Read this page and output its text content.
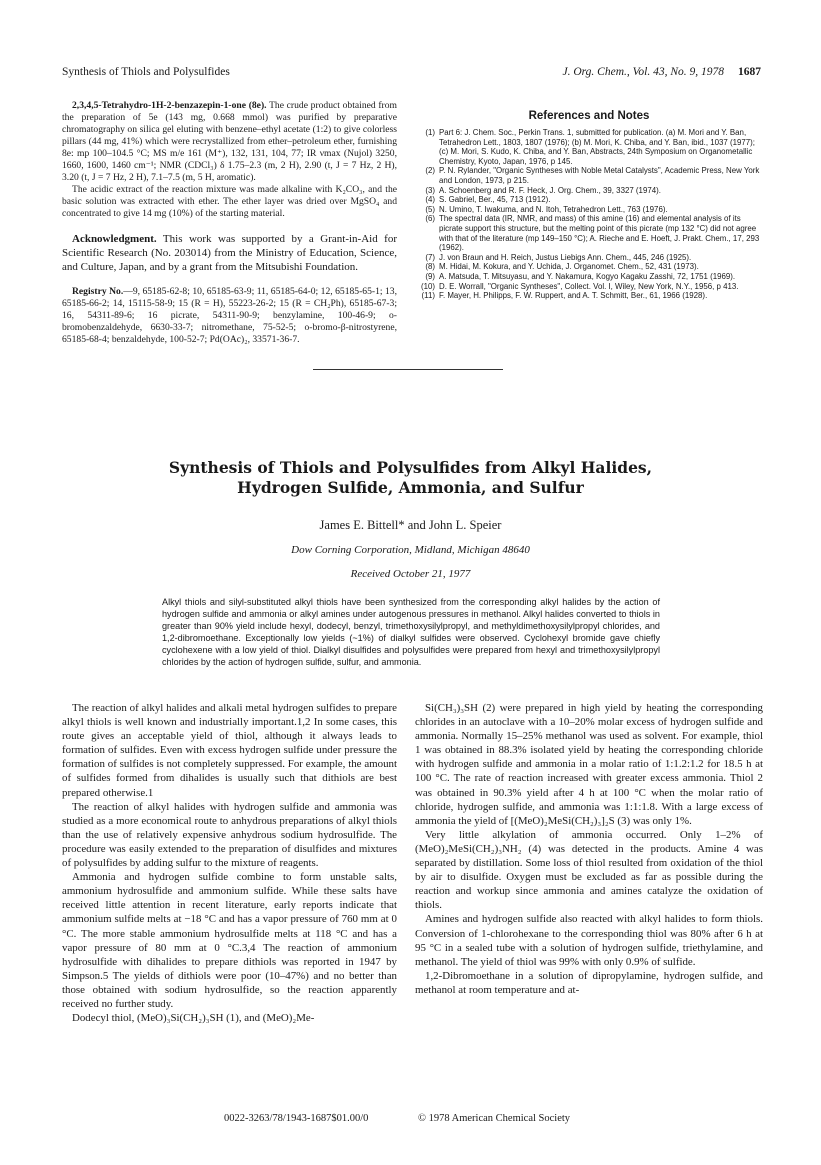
Synthesis of Thiols and Polysulfides	J. Org. Chem., Vol. 43, No. 9, 1978 1687

2,3,4,5-Tetrahydro-1H-2-benzazepin-1-one (8e). The crude product obtained from the preparation of 5e (143 mg, 0.668 mmol) was purified by preparative chromatography on silica gel eluting with benzene–ethyl acetate (1:2) to give colorless pillars (44 mg, 41%) which were recrystallized from ether–petroleum ether, furnishing 8e: mp 100–104.5 °C; MS m/e 161 (M⁺), 132, 131, 104, 77; IR νmax (Nujol) 3250, 1660, 1600, 1460 cm⁻¹; NMR (CDCl₃) δ 1.75–2.3 (m, 2 H), 2.90 (t, J = 7 Hz, 2 H), 3.20 (t, J = 7 Hz, 2 H), 7.1–7.5 (m, 5 H, aromatic).

The acidic extract of the reaction mixture was made alkaline with K₂CO₃, and the basic solution was extracted with ether. The ether layer was dried over MgSO₄ and concentrated to give 14 mg (10%) of the starting material.

Acknowledgment. This work was supported by a Grant-in-Aid for Scientific Research (No. 203014) from the Ministry of Education, Science, and Culture, Japan, and by a grant from the Mitsubishi Foundation.

Registry No.—9, 65185-62-8; 10, 65185-63-9; 11, 65185-64-0; 12, 65185-65-1; 13, 65185-66-2; 14, 15115-58-9; 15 (R = H), 55223-26-2; 15 (R = CH₂Ph), 65185-67-3; 16, 54311-89-6; 16 picrate, 54311-90-9; benzylamine, 100-46-9; o-bromobenzaldehyde, 6630-33-7; nitromethane, 75-52-5; o-bromo-β-nitrostyrene, 65185-68-4; benzaldehyde, 100-52-7; Pd(OAc)₂, 33571-36-7.

References and Notes
(1) Part 6: J. Chem. Soc., Perkin Trans. 1, submitted for publication. (a) M. Mori and Y. Ban, Tetrahedron Lett., 1803, 1807 (1976); (b) M. Mori, K. Chiba, and Y. Ban, ibid., 1037 (1977); (c) M. Mori, S. Kudo, K. Chiba, and Y. Ban, Abstracts, 24th Symposium on Organometallic Chemistry, Kyoto, Japan, 1976, p 145.
(2) P. N. Rylander, "Organic Syntheses with Noble Metal Catalysts", Academic Press, New York and London, 1973, p 215.
(3) A. Schoenberg and R. F. Heck, J. Org. Chem., 39, 3327 (1974).
(4) S. Gabriel, Ber., 45, 713 (1912).
(5) N. Umino, T. Iwakuma, and N. Itoh, Tetrahedron Lett., 763 (1976).
(6) The spectral data (IR, NMR, and mass) of this amine (16) and elemental analysis of its picrate support this structure, but the melting point of this picrate (mp 132 °C) did not agree with that of the literature (mp 149–150 °C); A. Rieche and E. Hoeft, J. Prakt. Chem., 17, 293 (1962).
(7) J. von Braun and H. Reich, Justus Liebigs Ann. Chem., 445, 246 (1925).
(8) M. Hidai, M. Kokura, and Y. Uchida, J. Organomet. Chem., 52, 431 (1973).
(9) A. Matsuda, T. Mitsuyasu, and Y. Nakamura, Kogyo Kagaku Zasshi, 72, 1751 (1969).
(10) D. E. Worrall, "Organic Syntheses", Collect. Vol. I, Wiley, New York, N.Y., 1956, p 413.
(11) F. Mayer, H. Philipps, F. W. Ruppert, and A. T. Schmitt, Ber., 61, 1966 (1928).
Synthesis of Thiols and Polysulfides from Alkyl Halides,
Hydrogen Sulfide, Ammonia, and Sulfur
James E. Bittell* and John L. Speier
Dow Corning Corporation, Midland, Michigan 48640
Received October 21, 1977
Alkyl thiols and silyl-substituted alkyl thiols have been synthesized from the corresponding alkyl halides by the action of hydrogen sulfide and ammonia or alkyl amines under autogenous pressures in methanol. Alkyl halides converted to thiols in greater than 90% yield include hexyl, dodecyl, benzyl, trimethoxysilylpropyl, and methyldimethoxysilylpropyl chlorides, and 1,2-dibromoethane. Exceptionally low yields (~1%) of dialkyl sulfides were observed. Cyclohexyl bromide gave chiefly cyclohexene with a low yield of thiol. Dialkyl disulfides and polysulfides were prepared from hexyl and trimethoxysilylpropyl chlorides by the action of hydrogen sulfide, sulfur, and ammonia.

The reaction of alkyl halides and alkali metal hydrogen sulfides to prepare alkyl thiols is well known and industrially important.1,2 In some cases, this route gives an acceptable yield of thiol, although it always leads to formation of sulfides. Even with excess hydrogen sulfide under pressure the formation of sulfides is not completely suppressed. For example, the amount of sulfides formed from dihalides is usually such that dithiols are best prepared otherwise.1

The reaction of alkyl halides with hydrogen sulfide and ammonia was studied as a more economical route to anhydrous preparations of alkyl thiols than the use of relatively expensive anhydrous sodium hydrosulfide. The procedure was easily extended to the preparation of disulfides and mixtures of polysulfides by adding sulfur to the mixture of reagents.

Ammonia and hydrogen sulfide combine to form unstable salts, ammonium hydrosulfide and ammonium sulfide. While these salts have received little attention in recent literature, early reports indicate that ammonium sulfide melts at −18 °C and has a vapor pressure of 760 mm at 0 °C. The more stable ammonium hydrosulfide melts at 118 °C and has a vapor pressure of 80 mm at 0 °C.3,4 The reaction of ammonium hydrosulfide with dihalides to prepare dithiols was reported in 1947 by Simpson.5 The yields of dithiols were poor (10–47%) and no better than those obtained with sodium hydrosulfide, so the reaction apparently received no further study.

Dodecyl thiol, (MeO)₃Si(CH₂)₃SH (1), and (MeO)₂Me-

Si(CH₃)₃SH (2) were prepared in high yield by heating the corresponding chlorides in an autoclave with a 10–20% molar excess of hydrogen sulfide and ammonia. Normally 15–25% methanol was used as solvent. For example, thiol 1 was obtained in 88.3% isolated yield by heating the corresponding chloride with hydrogen sulfide and ammonia in a molar ratio of 1:1.2:1.2 for 18.5 h at 100 °C. The rate of reaction increased with greater excess ammonia. Thiol 2 was obtained in 90.3% yield after 4 h at 100 °C when the molar ratio of chloride, hydrogen sulfide, and ammonia was 1:1:1.8. With a large excess of ammonia the yield of [(MeO)₂MeSi(CH₂)₃]₂S (3) was only 1%.

Very little alkylation of ammonia occurred. Only 1–2% of (MeO)₂MeSi(CH₂)₃NH₂ (4) was detected in the products. Amine 4 was separated by distillation. Some loss of thiol resulted from oxidation of the thiol by air to disulfide. Oxygen must be excluded as far as possible during the reaction and workup since ammonia and amines catalyze the oxidation of thiols.

Amines and hydrogen sulfide also reacted with alkyl halides to form thiols. Conversion of 1-chlorohexane to the corresponding thiol was 80% after 6 h at 95 °C in a sealed tube with a solution of hydrogen sulfide, triethylamine, and methanol. The yield of thiol was 99% with only 0.9% of sulfide.

1,2-Dibromoethane in a solution of dipropylamine, hydrogen sulfide, and methanol at room temperature and at-

0022-3263/78/1943-1687$01.00/0	© 1978 American Chemical Society
